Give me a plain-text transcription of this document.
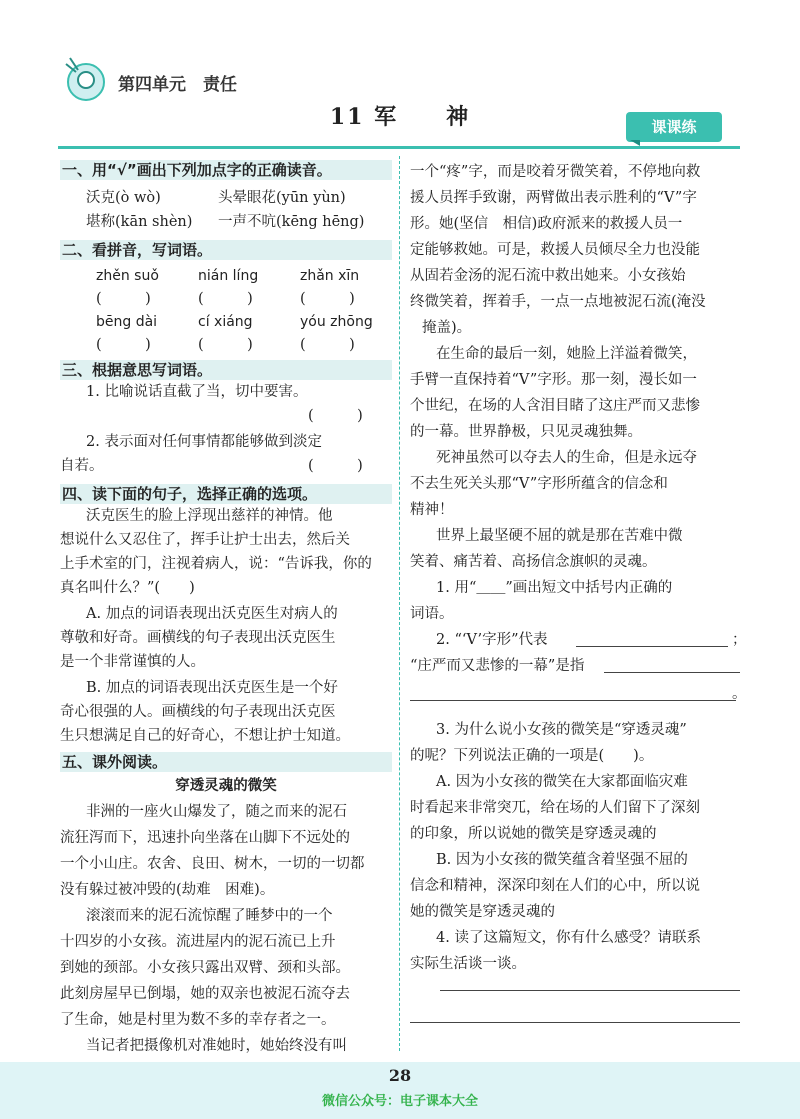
第四单元　责任
11 军　　神	课课练
一、用“√”画出下列加点字的正确读音。
沃克(ò wò)	头晕眼花(yūn yùn)
堪称(kān shèn) 一声不吭(kēng hēng)
二、看拼音，写词语。
zhěn suǒ	nián líng	zhǎn xīn
(　　　)	(　　　)	(　　　)
bēng dài	cí xiáng	yóu zhōng
(　　　)	(　　　)	(　　　)
三、根据意思写词语。
1. 比喻说话直截了当，切中要害。
(　　　)
2. 表示面对任何事情都能够做到淡定
自若。	(　　　)
四、读下面的句子，选择正确的选项。
沃克医生的脸上浮现出慈祥的神情。他
想说什么又忍住了，挥手让护士出去，然后关
上手术室的门，注视着病人，说：“告诉我，你的
真名叫什么？”(　　)
A. 加点的词语表现出沃克医生对病人的
尊敬和好奇。画横线的句子表现出沃克医生
是一个非常谨慎的人。
B. 加点的词语表现出沃克医生是一个好
奇心很强的人。画横线的句子表现出沃克医
生只想满足自己的好奇心，不想让护士知道。
五、课外阅读。
穿透灵魂的微笑
非洲的一座火山爆发了，随之而来的泥石
流狂泻而下，迅速扑向坐落在山脚下不远处的
一个小山庄。农舍、良田、树木，一切的一切都
没有躲过被冲毁的(劫难　困难)。
滚滚而来的泥石流惊醒了睡梦中的一个
十四岁的小女孩。流进屋内的泥石流已上升
到她的颈部。小女孩只露出双臂、颈和头部。
此刻房屋早已倒塌，她的双亲也被泥石流夺去
了生命，她是村里为数不多的幸存者之一。
当记者把摄像机对准她时，她始终没有叫
一个“疼”字，而是咬着牙微笑着，不停地向救
援人员挥手致谢，两臂做出表示胜利的“V”字
形。她(坚信　相信)政府派来的救援人员一
定能够救她。可是，救援人员倾尽全力也没能
从固若金汤的泥石流中救出她来。小女孩始
终微笑着，挥着手，一点一点地被泥石流(淹没
掩盖)。
在生命的最后一刻，她脸上洋溢着微笑，
手臂一直保持着“V”字形。那一刻，漫长如一
个世纪，在场的人含泪目睹了这庄严而又悲惨
的一幕。世界静极，只见灵魂独舞。
死神虽然可以夺去人的生命，但是永远夺
不去生死关头那“V”字形所蕴含的信念和
精神！
世界上最坚硬不屈的就是那在苦难中微
笑着、痛苦着、高扬信念旗帜的灵魂。
1. 用“＿＿”画出短文中括号内正确的
词语。
2. “‘V’字形”代表	；
“庄严而又悲惨的一幕”是指
。
3. 为什么说小女孩的微笑是“穿透灵魂”
的呢？下列说法正确的一项是(　　)。
A. 因为小女孩的微笑在大家都面临灾难
时看起来非常突兀，给在场的人们留下了深刻
的印象，所以说她的微笑是穿透灵魂的
B. 因为小女孩的微笑蕴含着坚强不屈的
信念和精神，深深印刻在人们的心中，所以说
她的微笑是穿透灵魂的
4. 读了这篇短文，你有什么感受？请联系
实际生活谈一谈。
28
微信公众号：电子课本大全
